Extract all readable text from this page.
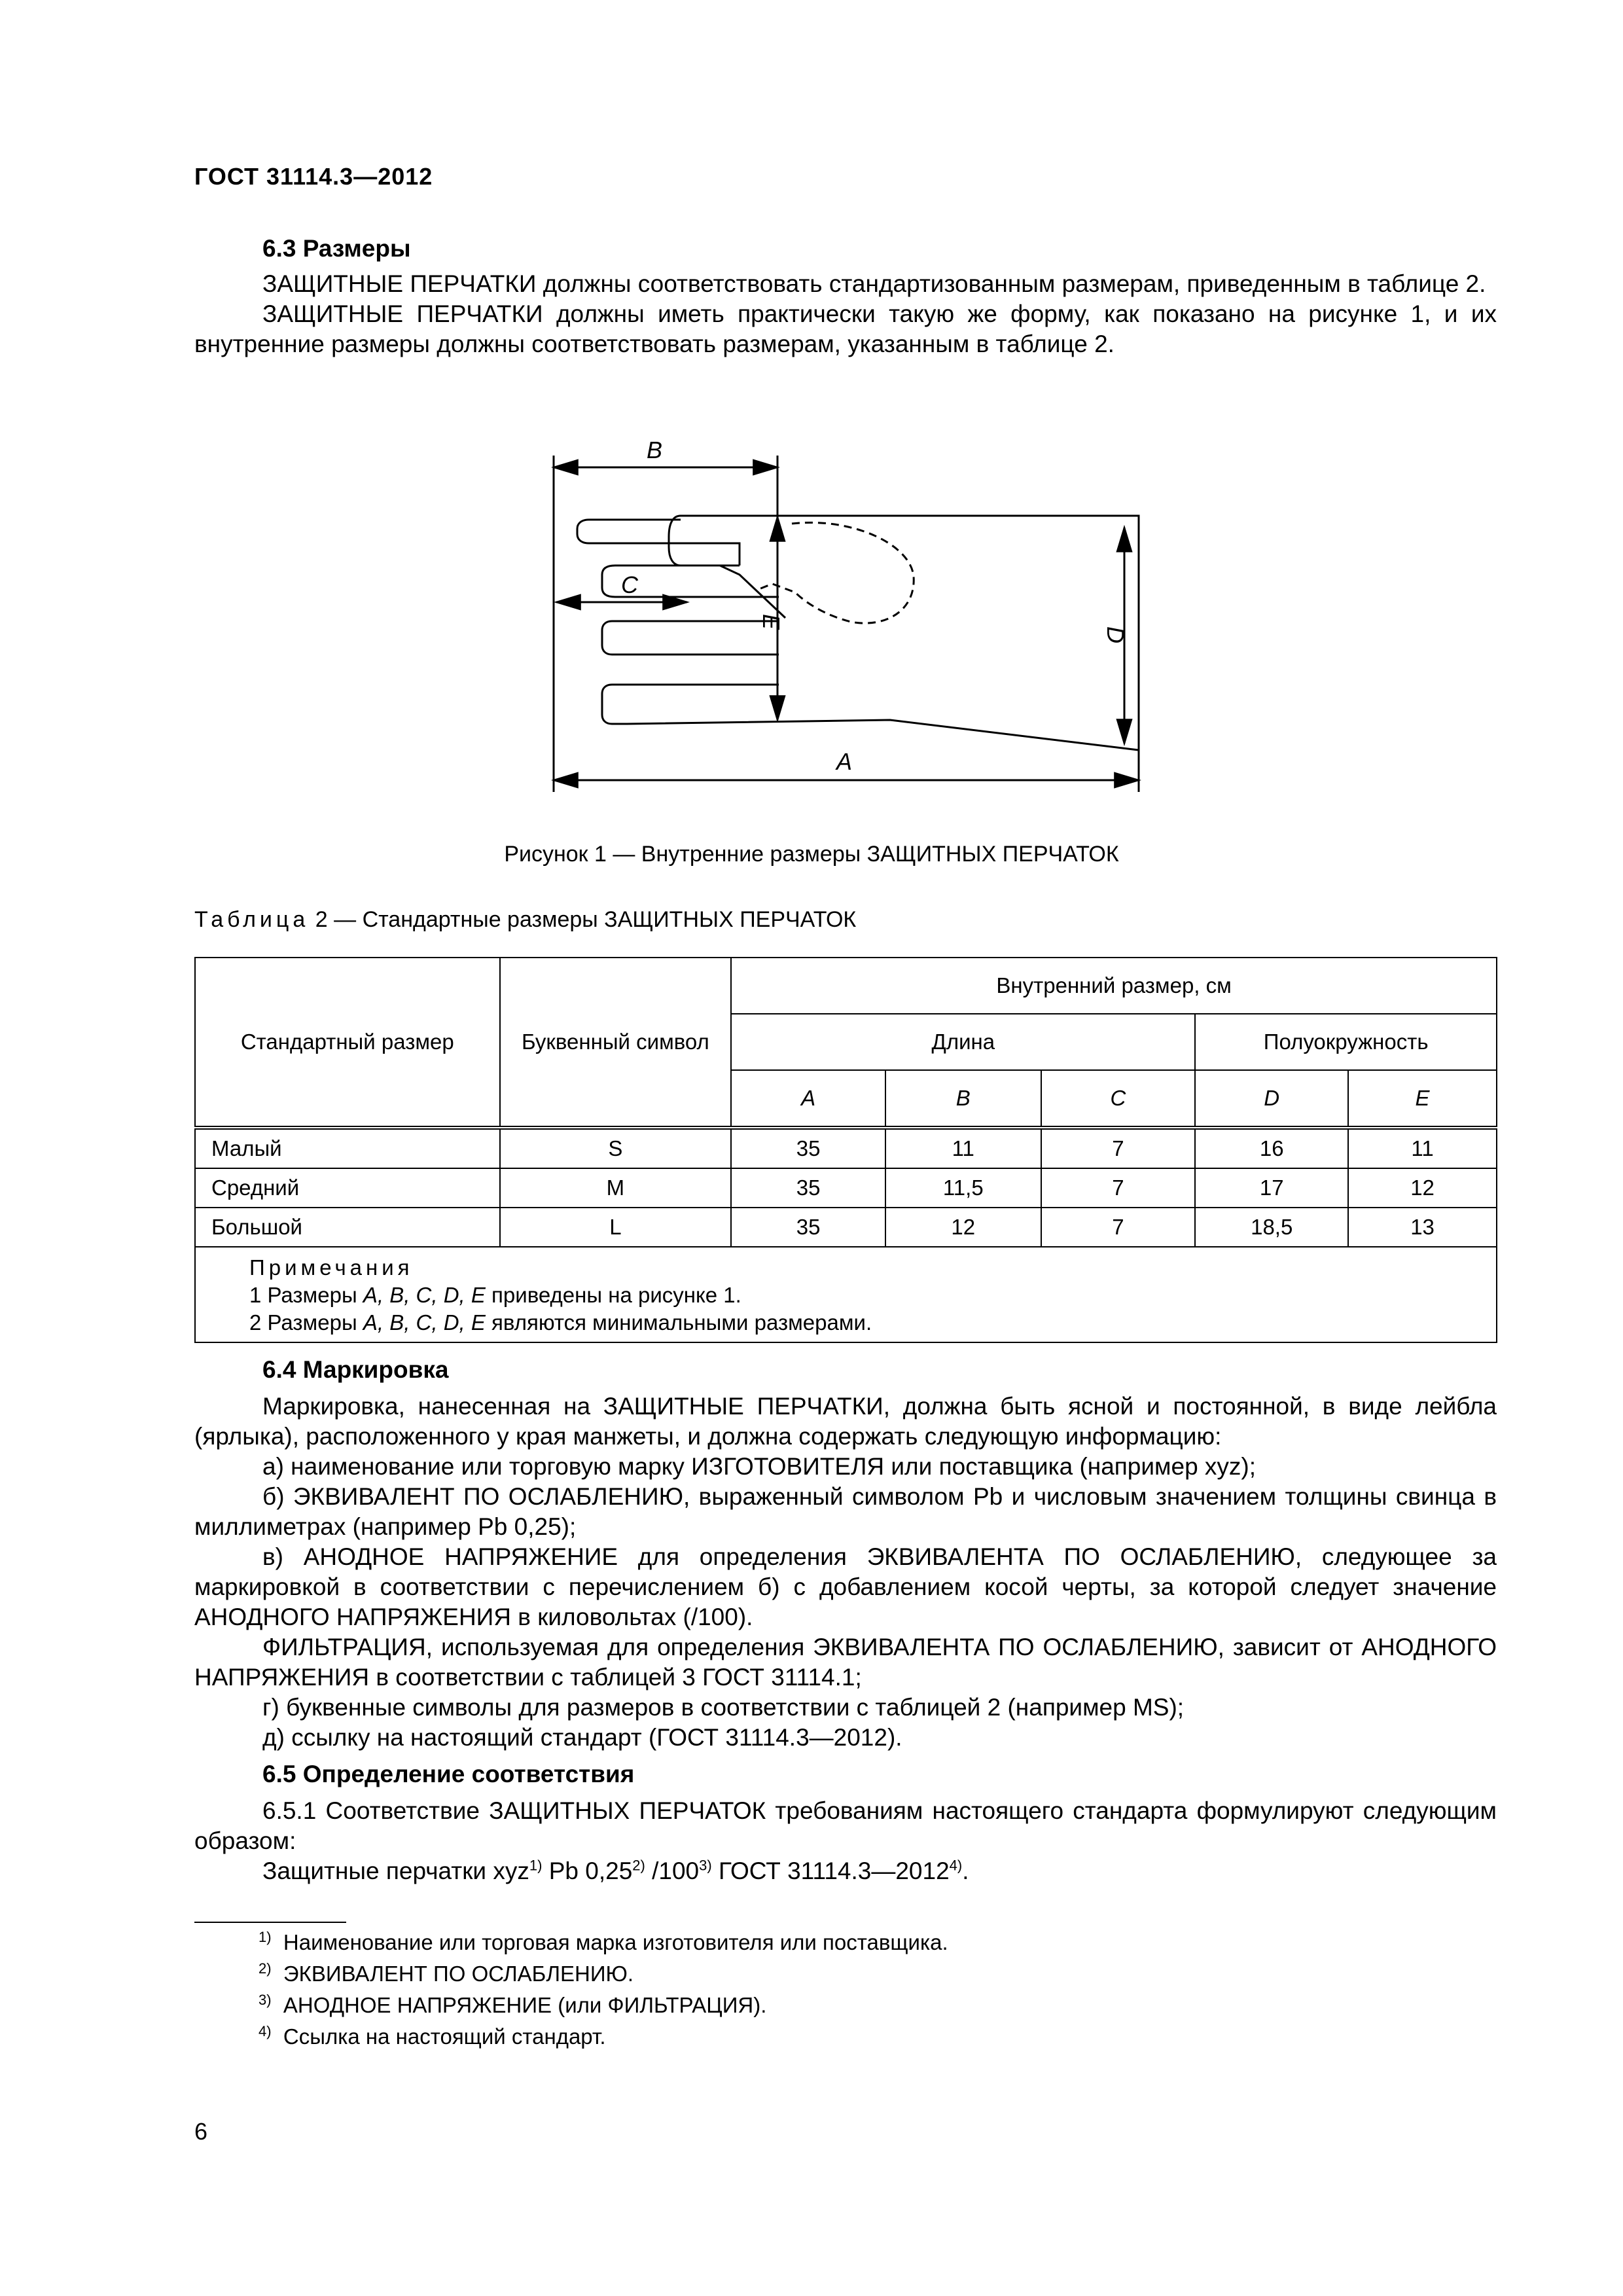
ГОСТ 31114.3—2012

6.3 Размеры

ЗАЩИТНЫЕ ПЕРЧАТКИ должны соответствовать стандартизованным размерам, приведенным в таблице 2.

ЗАЩИТНЫЕ ПЕРЧАТКИ должны иметь практически такую же форму, как показано на рисунке 1, и их внутренние размеры должны соответствовать размерам, указанным в таблице 2.

B
C
A
E
D
Рисунок 1 — Внутренние размеры ЗАЩИТНЫХ ПЕРЧАТОК
Таблица 2 — Стандартные размеры ЗАЩИТНЫХ ПЕРЧАТОК
Стандартный размер	Буквенный символ	Внутренний размер, см				
		Длина			Полуокружность	
		A	B	C	D	E
Малый	S	35	11	7	16	11
Средний	M	35	11,5	7	17	12
Большой	L	35	12	7	18,5	13

Примечания
1 Размеры A, B, C, D, E приведены на рисунке 1.
2 Размеры A, B, C, D, E являются минимальными размерами.						

6.4 Маркировка

Маркировка, нанесенная на ЗАЩИТНЫЕ ПЕРЧАТКИ, должна быть ясной и постоянной, в виде лейбла (ярлыка), расположенного у края манжеты, и должна содержать следующую информацию:

а) наименование или торговую марку ИЗГОТОВИТЕЛЯ или поставщика (например xyz);

б) ЭКВИВАЛЕНТ ПО ОСЛАБЛЕНИЮ, выраженный символом Pb и числовым значением толщины свинца в миллиметрах (например Pb 0,25);

в) АНОДНОЕ НАПРЯЖЕНИЕ для определения ЭКВИВАЛЕНТА ПО ОСЛАБЛЕНИЮ, следующее за маркировкой в соответствии с перечислением б) с добавлением косой черты, за которой следует значение АНОДНОГО НАПРЯЖЕНИЯ в киловольтах (/100).

ФИЛЬТРАЦИЯ, используемая для определения ЭКВИВАЛЕНТА ПО ОСЛАБЛЕНИЮ, зависит от АНОДНОГО НАПРЯЖЕНИЯ в соответствии с таблицей 3 ГОСТ 31114.1;

г) буквенные символы для размеров в соответствии с таблицей 2 (например MS);

д) ссылку на настоящий стандарт (ГОСТ 31114.3—2012).

6.5 Определение соответствия

6.5.1 Соответствие ЗАЩИТНЫХ ПЕРЧАТОК требованиям настоящего стандарта формулируют следующим образом:

Защитные перчатки xyz$^{1)}$ Pb 0,25$^{2)}$ /100$^{3)}$ ГОСТ 31114.3—2012$^{4)}$.

$^{1)}$ Наименование или торговая марка изготовителя или поставщика.
$^{2)}$ ЭКВИВАЛЕНТ ПО ОСЛАБЛЕНИЮ.
$^{3)}$ АНОДНОЕ НАПРЯЖЕНИЕ (или ФИЛЬТРАЦИЯ).
$^{4)}$ Ссылка на настоящий стандарт.
6
